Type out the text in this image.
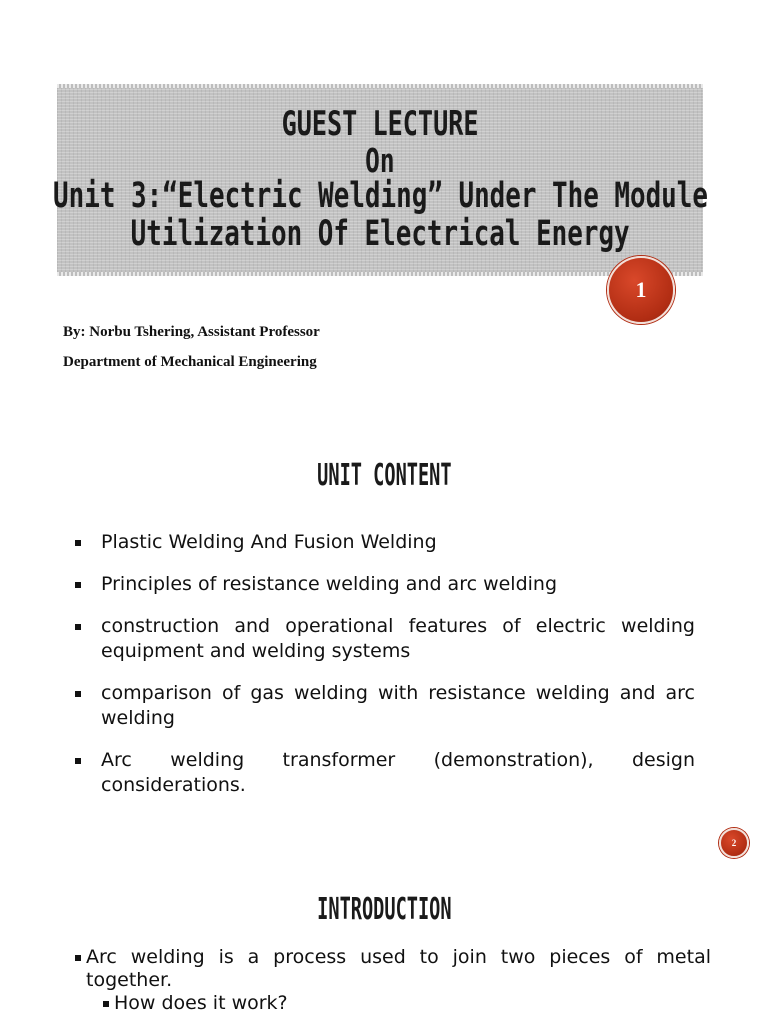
GUEST LECTURE
On
Unit 3:“Electric Welding” Under The Module
Utilization Of Electrical Energy
1
By: Norbu Tshering, Assistant Professor
Department of Mechanical Engineering
UNIT CONTENT
Plastic Welding And Fusion Welding
Principles of resistance welding and arc welding
construction and operational features of electric welding equipment and welding systems
comparison of gas welding with resistance welding and arc welding
Arc welding transformer (demonstration), design considerations.
2
INTRODUCTION

Arc welding is a process used to join two pieces of metal together.

How does it work?
